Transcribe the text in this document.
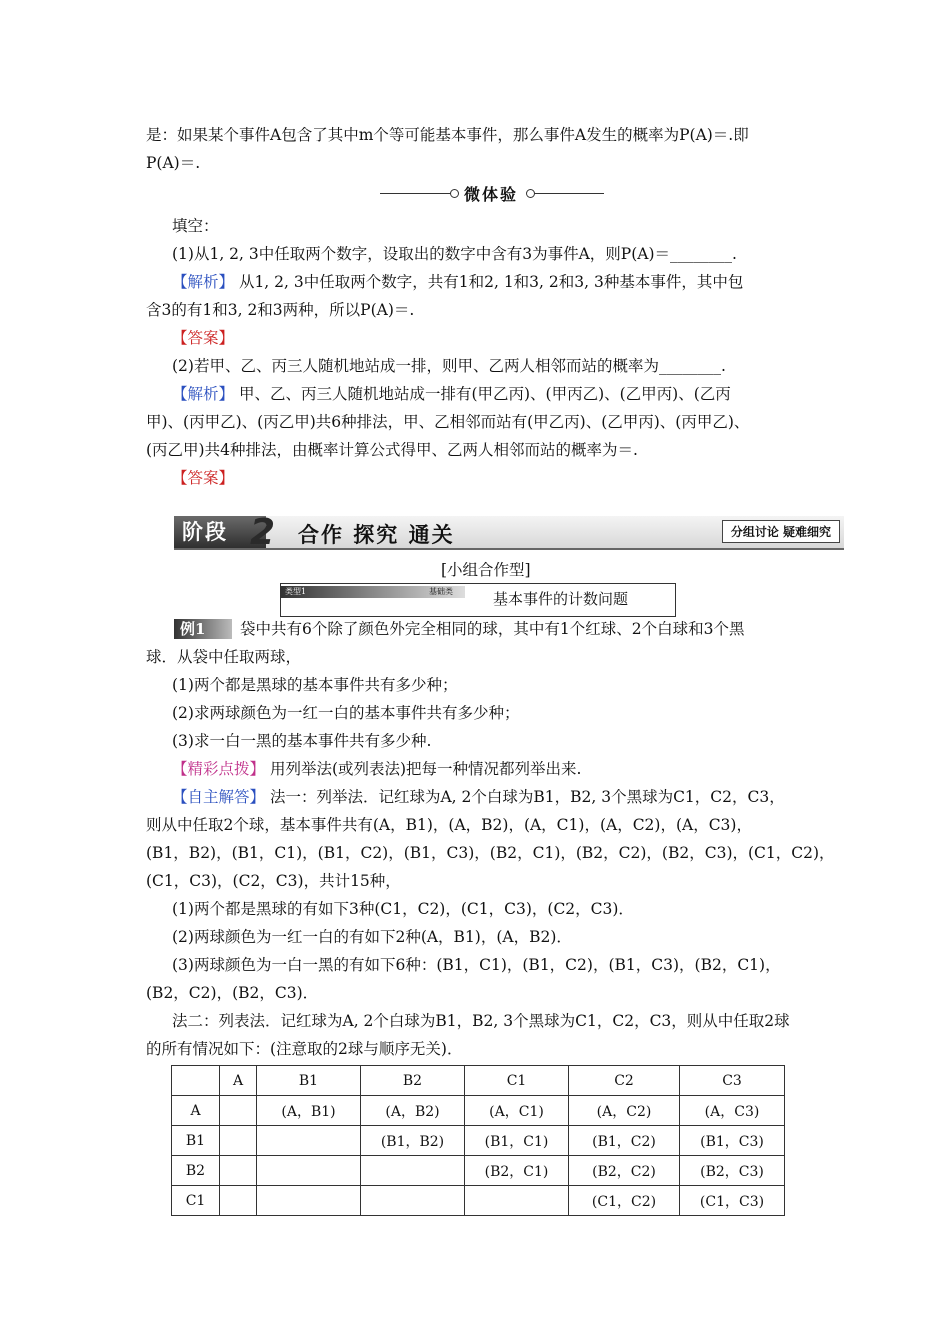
是：如果某个事件A包含了其中m个等可能基本事件，那么事件A发生的概率为P(A)＝.即
P(A)＝.
微体验
填空：
(1)从1, 2, 3中任取两个数字，设取出的数字中含有3为事件A，则P(A)＝________.
【解析】 从1, 2, 3中任取两个数字，共有1和2, 1和3, 2和3, 3种基本事件，其中包
含3的有1和3, 2和3两种，所以P(A)＝.
【答案】
(2)若甲、乙、丙三人随机地站成一排，则甲、乙两人相邻而站的概率为________.
【解析】 甲、乙、丙三人随机地站成一排有(甲乙丙)、(甲丙乙)、(乙甲丙)、(乙丙
甲)、(丙甲乙)、(丙乙甲)共6种排法，甲、乙相邻而站有(甲乙丙)、(乙甲丙)、(丙甲乙)、
(丙乙甲)共4种排法，由概率计算公式得甲、乙两人相邻而站的概率为＝.
【答案】
阶段 2 合作 探究 通关	分组讨论 疑难细究
[小组合作型]
类型1	基础类	基本事件的计数问题
例1	袋中共有6个除了颜色外完全相同的球，其中有1个红球、2个白球和3个黑
球．从袋中任取两球，
(1)两个都是黑球的基本事件共有多少种；
(2)求两球颜色为一红一白的基本事件共有多少种；
(3)求一白一黑的基本事件共有多少种.
【精彩点拨】 用列举法(或列表法)把每一种情况都列举出来.
【自主解答】 法一：列举法．记红球为A, 2个白球为B1，B2, 3个黑球为C1，C2，C3，
则从中任取2个球，基本事件共有(A，B1)，(A，B2)，(A，C1)，(A，C2)，(A，C3)，
(B1，B2)，(B1，C1)，(B1，C2)，(B1，C3)，(B2，C1)，(B2，C2)，(B2，C3)，(C1，C2)，
(C1，C3)，(C2，C3)，共计15种，
(1)两个都是黑球的有如下3种(C1，C2)，(C1，C3)，(C2，C3)．
(2)两球颜色为一红一白的有如下2种(A，B1)，(A，B2)．
(3)两球颜色为一白一黑的有如下6种：(B1，C1)，(B1，C2)，(B1，C3)，(B2，C1)，
(B2，C2)，(B2，C3)．
法二：列表法．记红球为A, 2个白球为B1，B2, 3个黑球为C1，C2，C3，则从中任取2球
的所有情况如下：(注意取的2球与顺序无关)．
	A	B1	B2	C1	C2	C3
A		(A，B1)	(A，B2)	(A，C1)	(A，C2)	(A，C3)
B1			(B1，B2)	(B1，C1)	(B1，C2)	(B1，C3)
B2				(B2，C1)	(B2，C2)	(B2，C3)
C1					(C1，C2)	(C1，C3)
